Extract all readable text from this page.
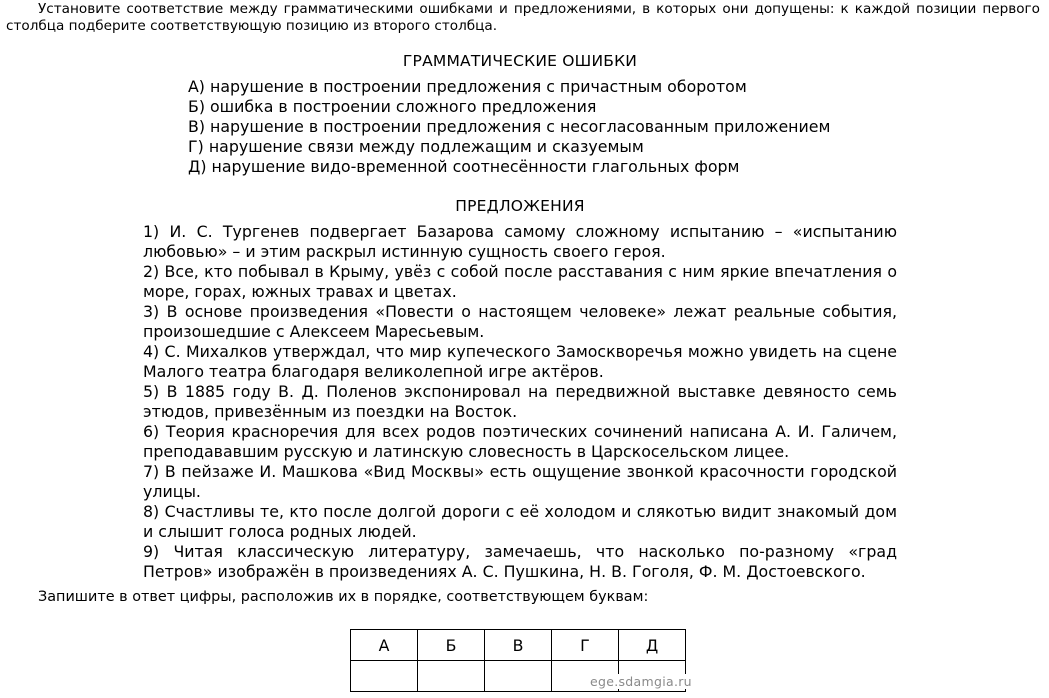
Установите соответствие между грамматическими ошибками и предложениями, в которых они допущены: к каждой позиции первого столбца подберите соответствующую позицию из второго столбца.
ГРАММАТИЧЕСКИЕ ОШИБКИ
А) нарушение в построении предложения с причастным оборотом
Б) ошибка в построении сложного предложения
В) нарушение в построении предложения с несогласованным приложением
Г) нарушение связи между подлежащим и сказуемым
Д) нарушение видо-временной соотнесённости глагольных форм
ПРЕДЛОЖЕНИЯ

1) И. С. Тургенев подвергает Базарова самому сложному испытанию – «испытанию любовью» – и этим раскрыл истинную сущность своего героя.

2) Все, кто побывал в Крыму, увёз с собой после расставания с ним яркие впечатления о море, горах, южных травах и цветах.

3) В основе произведения «Повести о настоящем человеке» лежат реальные события, произошедшие с Алексеем Маресьевым.

4) С. Михалков утверждал, что мир купеческого Замоскворечья можно увидеть на сцене Малого театра благодаря великолепной игре актёров.

5) В 1885 году В. Д. Поленов экспонировал на передвижной выставке девяносто семь этюдов, привезённым из поездки на Восток.

6) Теория красноречия для всех родов поэтических сочинений написана А. И. Галичем, преподававшим русскую и латинскую словесность в Царскосельском лицее.

7) В пейзаже И. Машкова «Вид Москвы» есть ощущение звонкой красочности городской улицы.

8) Счастливы те, кто после долгой дороги с её холодом и слякотью видит знакомый дом и слышит голоса родных людей.

9) Читая классическую литературу, замечаешь, что насколько по-разному «град Петров» изображён в произведениях А. С. Пушкина, Н. В. Гоголя, Ф. М. Достоевского.

Запишите в ответ цифры, расположив их в порядке, соответствующем буквам:
А	Б	В	Г	Д

ege.sdamgia.ru
